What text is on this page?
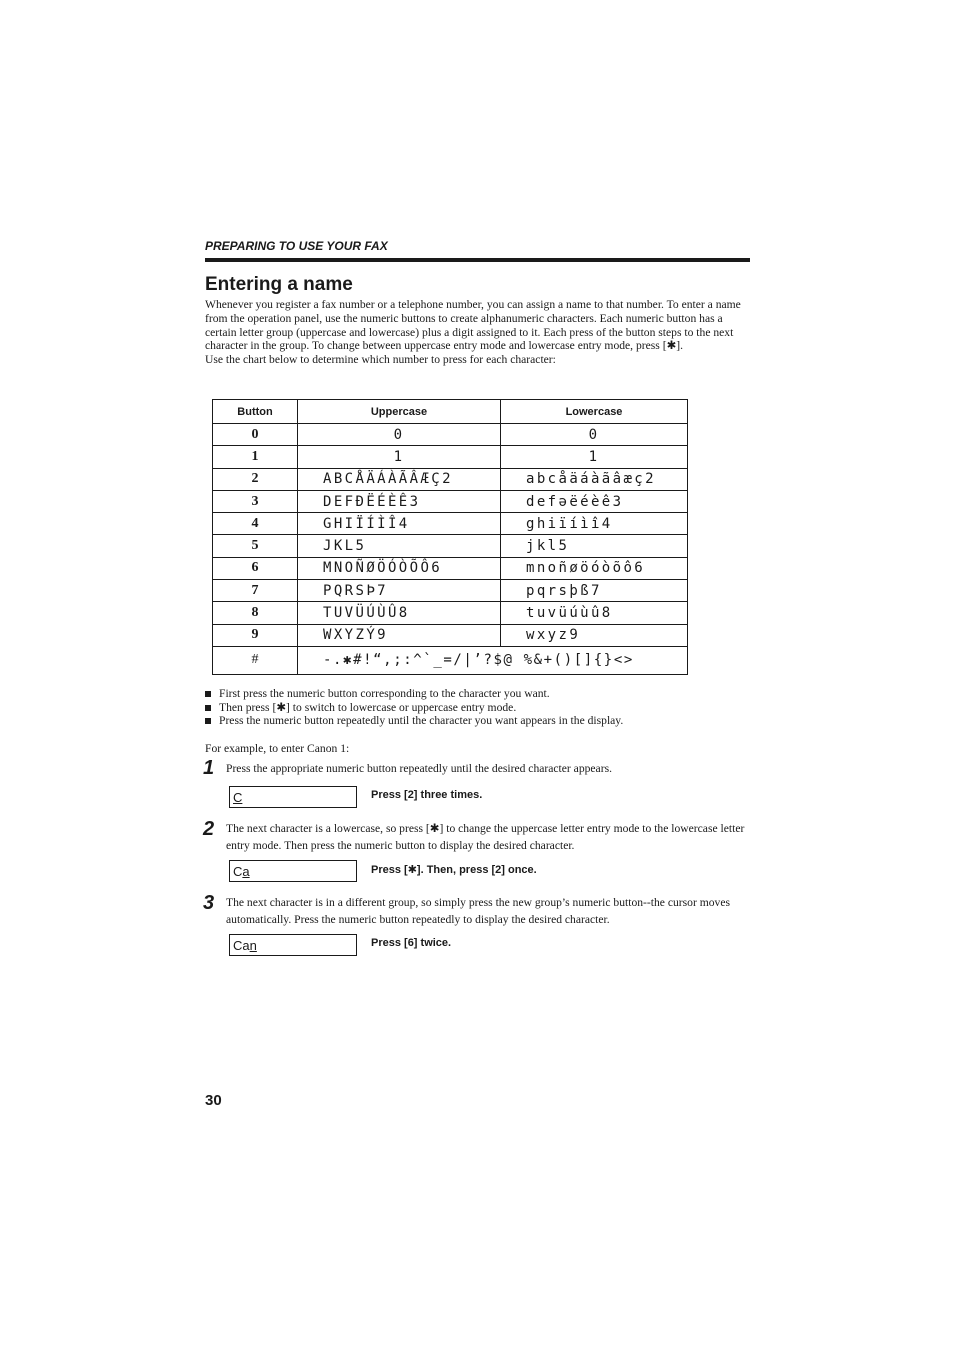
PREPARING TO USE YOUR FAX
Entering a name

Whenever you register a fax number or a telephone number, you can assign a name to that number. To enter a name from the operation panel, use the numeric buttons to create alphanumeric characters. Each numeric button has a certain letter group (uppercase and lowercase) plus a digit assigned to it. Each press of the button steps to the next character in the group. To change between uppercase entry mode and lowercase entry mode, press [✱].

Use the chart below to determine which number to press for each character:

Button	Uppercase	Lowercase
0	0	0
1	1	1
2	ABCÅÄÁÀÃÂÆÇ2	abcåäáàãâæç2
3	DEFÐËÉÈÊ3	defəëéèê3
4	GHIÏÍÌÎ4	ghiïíìî4
5	JKL5	jkl5
6	MNOÑØÖÓÒÕÔ6	mnoñøöóòõô6
7	PQRSÞ7	pqrsþß7
8	TUVÜÚÙÛ8	tuvüúùû8
9	WXYZÝ9	wxyz9
#	-.✱#!“,;:^`_=/|’?$@ %&+()[]{}<>	
First press the numeric button corresponding to the character you want.
Then press [✱] to switch to lowercase or uppercase entry mode.
Press the numeric button repeatedly until the character you want appears in the display.
For example, to enter Canon 1:
1 Press the appropriate numeric button repeatedly until the desired character appears.
C	Press [2] three times.
2 The next character is a lowercase, so press [✱] to change the uppercase letter entry mode to the lowercase letter entry mode. Then press the numeric button to display the desired character.
Ca	Press [✱]. Then, press [2] once.
3 The next character is in a different group, so simply press the new group’s numeric button--the cursor moves automatically. Press the numeric button repeatedly to display the desired character.
Can	Press [6] twice.
30
